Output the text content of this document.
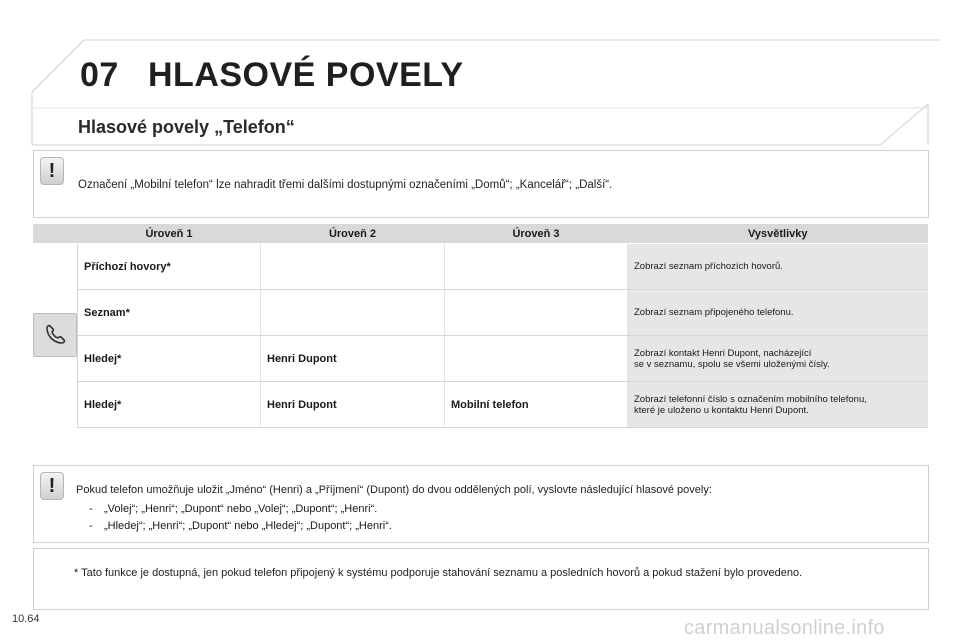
07 HLASOVÉ POVELY
Hlasové povely „Telefon“
!
Označení „Mobilní telefon“ lze nahradit třemi dalšími dostupnými označeními „Domů“; „Kancelář“; „Další“.
	Úroveň 1	Úroveň 2	Úroveň 3	Vysvětlivky
	Příchozí hovory*			Zobrazí seznam příchozích hovorů.
	Seznam*			Zobrazí seznam připojeného telefonu.
	Hledej*	Henri Dupont		Zobrazí kontakt Henri Dupont, nacházející
se v seznamu, spolu se všemi uloženými čísly.
	Hledej*	Henri Dupont	Mobilní telefon	Zobrazí telefonní číslo s označením mobilního telefonu,
které je uloženo u kontaktu Henri Dupont.
!	Pokud telefon umožňuje uložit „Jméno“ (Henri) a „Příjmení“ (Dupont) do dvou oddělených polí, vyslovte následující hlasové povely:
- „Volej“; „Henri“; „Dupont“ nebo „Volej“; „Dupont“; „Henri“.
- „Hledej“; „Henri“; „Dupont“ nebo „Hledej“; „Dupont“; „Henri“.
* Tato funkce je dostupná, jen pokud telefon připojený k systému podporuje stahování seznamu a posledních hovorů a pokud stažení bylo provedeno.
10.64	carmanualsonline.info
